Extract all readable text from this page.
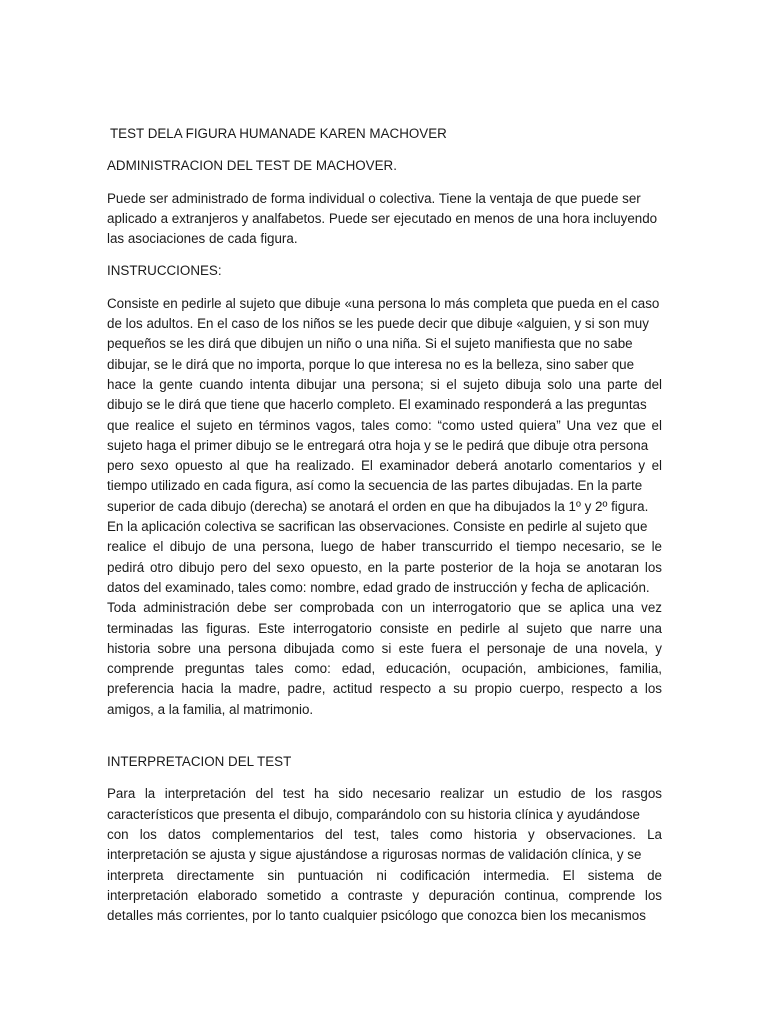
TEST DELA FIGURA HUMANADE KAREN MACHOVER
ADMINISTRACION DEL TEST DE MACHOVER.
Puede ser administrado de forma individual o colectiva. Tiene la ventaja de que puede ser
aplicado a extranjeros y analfabetos. Puede ser ejecutado en menos de una hora incluyendo
las asociaciones de cada figura.
INSTRUCCIONES:
Consiste en pedirle al sujeto que dibuje «una persona lo más completa que pueda en el caso
de los adultos. En el caso de los niños se les puede decir que dibuje «alguien, y si son muy
pequeños se les dirá que dibujen un niño o una niña. Si el sujeto manifiesta que no sabe
dibujar, se le dirá que no importa, porque lo que interesa no es la belleza, sino saber que
hace la gente cuando intenta dibujar una persona; si el sujeto dibuja solo una parte del
dibujo se le dirá que tiene que hacerlo completo. El examinado responderá a las preguntas
que realice el sujeto en términos vagos, tales como: “como usted quiera” Una vez que el
sujeto haga el primer dibujo se le entregará otra hoja y se le pedirá que dibuje otra persona
pero sexo opuesto al que ha realizado. El examinador deberá anotarlo comentarios y el
tiempo utilizado en cada figura, así como la secuencia de las partes dibujadas. En la parte
superior de cada dibujo (derecha) se anotará el orden en que ha dibujados la 1º y 2º figura.
En la aplicación colectiva se sacrifican las observaciones. Consiste en pedirle al sujeto que
realice el dibujo de una persona, luego de haber transcurrido el tiempo necesario, se le
pedirá otro dibujo pero del sexo opuesto, en la parte posterior de la hoja se anotaran los
datos del examinado, tales como: nombre, edad grado de instrucción y fecha de aplicación.
Toda administración debe ser comprobada con un interrogatorio que se aplica una vez
terminadas las figuras. Este interrogatorio consiste en pedirle al sujeto que narre una
historia sobre una persona dibujada como si este fuera el personaje de una novela, y
comprende preguntas tales como: edad, educación, ocupación, ambiciones, familia,
preferencia hacia la madre, padre, actitud respecto a su propio cuerpo, respecto a los
amigos, a la familia, al matrimonio.
INTERPRETACION DEL TEST
Para la interpretación del test ha sido necesario realizar un estudio de los rasgos
característicos que presenta el dibujo, comparándolo con su historia clínica y ayudándose
con los datos complementarios del test, tales como historia y observaciones. La
interpretación se ajusta y sigue ajustándose a rigurosas normas de validación clínica, y se
interpreta directamente sin puntuación ni codificación intermedia. El sistema de
interpretación elaborado sometido a contraste y depuración continua, comprende los
detalles más corrientes, por lo tanto cualquier psicólogo que conozca bien los mecanismos
